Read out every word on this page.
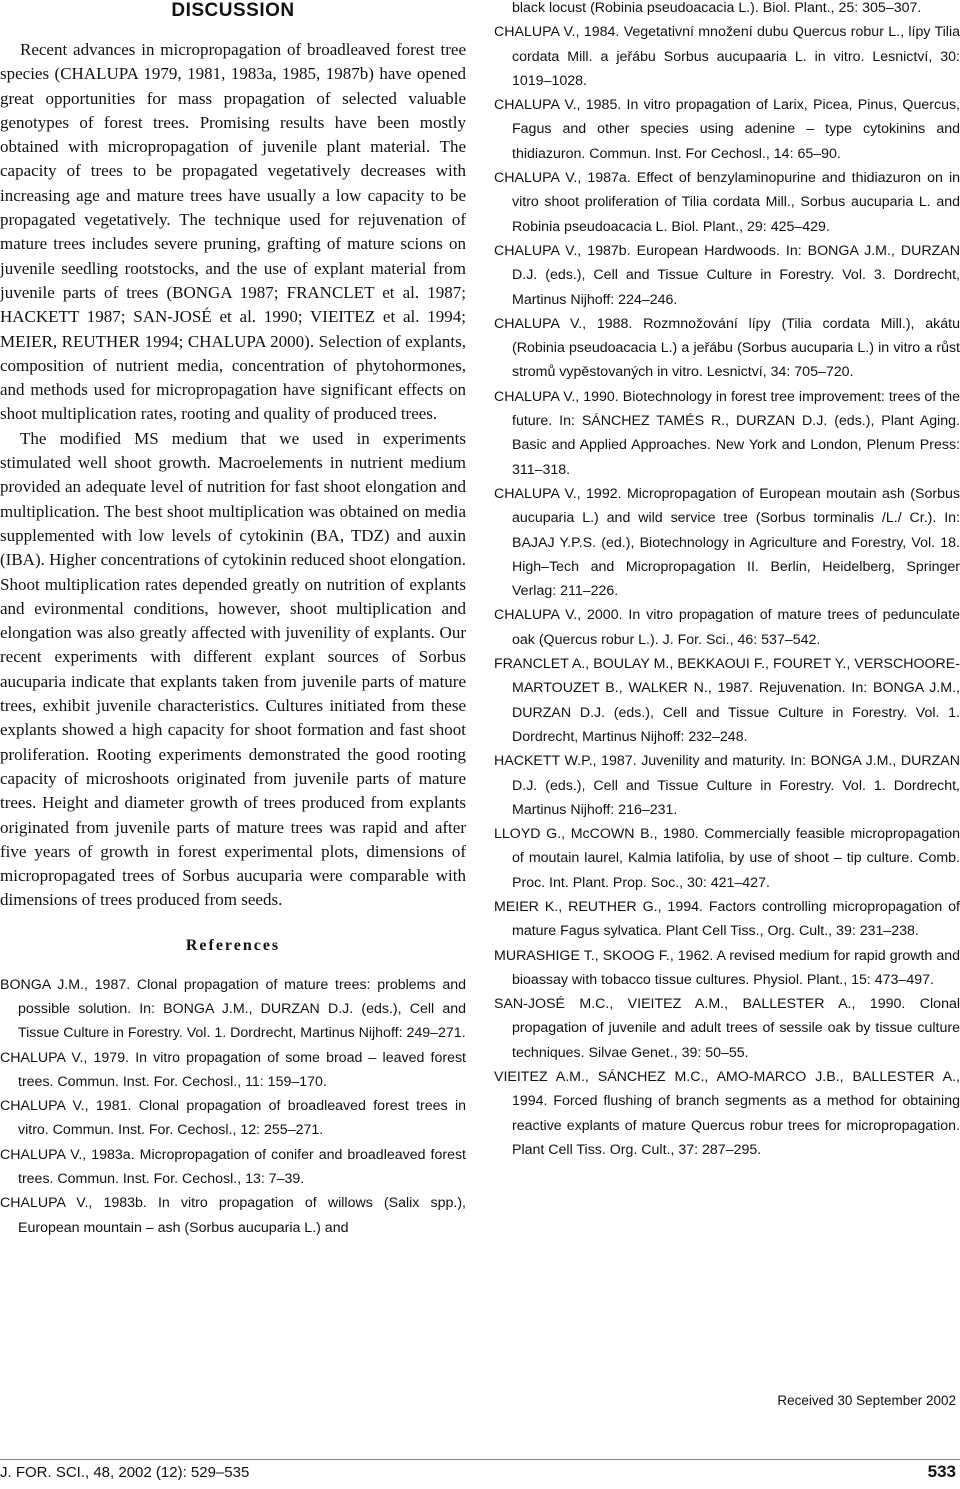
DISCUSSION

Recent advances in micropropagation of broadleaved forest tree species (CHALUPA 1979, 1981, 1983a, 1985, 1987b) have opened great opportunities for mass propagation of selected valuable genotypes of forest trees. Promising results have been mostly obtained with micropropagation of juvenile plant material. The capacity of trees to be propagated vegetatively decreases with increasing age and mature trees have usually a low capacity to be propagated vegetatively. The technique used for rejuvenation of mature trees includes severe pruning, grafting of mature scions on juvenile seedling rootstocks, and the use of explant material from juvenile parts of trees (BONGA 1987; FRANCLET et al. 1987; HACKETT 1987; SAN-JOSÉ et al. 1990; VIEITEZ et al. 1994; MEIER, REUTHER 1994; CHALUPA 2000). Selection of explants, composition of nutrient media, concentration of phytohormones, and methods used for micropropagation have significant effects on shoot multiplication rates, rooting and quality of produced trees.

The modified MS medium that we used in experiments stimulated well shoot growth. Macroelements in nutrient medium provided an adequate level of nutrition for fast shoot elongation and multiplication. The best shoot multiplication was obtained on media supplemented with low levels of cytokinin (BA, TDZ) and auxin (IBA). Higher concentrations of cytokinin reduced shoot elongation. Shoot multiplication rates depended greatly on nutrition of explants and evironmental conditions, however, shoot multiplication and elongation was also greatly affected with juvenility of explants. Our recent experiments with different explant sources of Sorbus aucuparia indicate that explants taken from juvenile parts of mature trees, exhibit juvenile characteristics. Cultures initiated from these explants showed a high capacity for shoot formation and fast shoot proliferation. Rooting experiments demonstrated the good rooting capacity of microshoots originated from juvenile parts of mature trees. Height and diameter growth of trees produced from explants originated from juvenile parts of mature trees was rapid and after five years of growth in forest experimental plots, dimensions of micropropagated trees of Sorbus aucuparia were comparable with dimensions of trees produced from seeds.

References

BONGA J.M., 1987. Clonal propagation of mature trees: problems and possible solution. In: BONGA J.M., DURZAN D.J. (eds.), Cell and Tissue Culture in Forestry. Vol. 1. Dordrecht, Martinus Nijhoff: 249–271.

CHALUPA V., 1979. In vitro propagation of some broad – leaved forest trees. Commun. Inst. For. Cechosl., 11: 159–170.

CHALUPA V., 1981. Clonal propagation of broadleaved forest trees in vitro. Commun. Inst. For. Cechosl., 12: 255–271.

CHALUPA V., 1983a. Micropropagation of conifer and broadleaved forest trees. Commun. Inst. For. Cechosl., 13: 7–39.

CHALUPA V., 1983b. In vitro propagation of willows (Salix spp.), European mountain – ash (Sorbus aucuparia L.) and

black locust (Robinia pseudoacacia L.). Biol. Plant., 25: 305–307.

CHALUPA V., 1984. Vegetativní množení dubu Quercus robur L., lípy Tilia cordata Mill. a jeřábu Sorbus aucupaaria L. in vitro. Lesnictví, 30: 1019–1028.

CHALUPA V., 1985. In vitro propagation of Larix, Picea, Pinus, Quercus, Fagus and other species using adenine – type cytokinins and thidiazuron. Commun. Inst. For Cechosl., 14: 65–90.

CHALUPA V., 1987a. Effect of benzylaminopurine and thidiazuron on in vitro shoot proliferation of Tilia cordata Mill., Sorbus aucuparia L. and Robinia pseudoacacia L. Biol. Plant., 29: 425–429.

CHALUPA V., 1987b. European Hardwoods. In: BONGA J.M., DURZAN D.J. (eds.), Cell and Tissue Culture in Forestry. Vol. 3. Dordrecht, Martinus Nijhoff: 224–246.

CHALUPA V., 1988. Rozmnožování lípy (Tilia cordata Mill.), akátu (Robinia pseudoacacia L.) a jeřábu (Sorbus aucuparia L.) in vitro a růst stromů vypěstovaných in vitro. Lesnictví, 34: 705–720.

CHALUPA V., 1990. Biotechnology in forest tree improvement: trees of the future. In: SÁNCHEZ TAMÉS R., DURZAN D.J. (eds.), Plant Aging. Basic and Applied Approaches. New York and London, Plenum Press: 311–318.

CHALUPA V., 1992. Micropropagation of European moutain ash (Sorbus aucuparia L.) and wild service tree (Sorbus torminalis /L./ Cr.). In: BAJAJ Y.P.S. (ed.), Biotechnology in Agriculture and Forestry, Vol. 18. High–Tech and Micropropagation II. Berlin, Heidelberg, Springer Verlag: 211–226.

CHALUPA V., 2000. In vitro propagation of mature trees of pedunculate oak (Quercus robur L.). J. For. Sci., 46: 537–542.

FRANCLET A., BOULAY M., BEKKAOUI F., FOURET Y., VERSCHOORE-MARTOUZET B., WALKER N., 1987. Rejuvenation. In: BONGA J.M., DURZAN D.J. (eds.), Cell and Tissue Culture in Forestry. Vol. 1. Dordrecht, Martinus Nijhoff: 232–248.

HACKETT W.P., 1987. Juvenility and maturity. In: BONGA J.M., DURZAN D.J. (eds.), Cell and Tissue Culture in Forestry. Vol. 1. Dordrecht, Martinus Nijhoff: 216–231.

LLOYD G., McCOWN B., 1980. Commercially feasible micropropagation of moutain laurel, Kalmia latifolia, by use of shoot – tip culture. Comb. Proc. Int. Plant. Prop. Soc., 30: 421–427.

MEIER K., REUTHER G., 1994. Factors controlling micropropagation of mature Fagus sylvatica. Plant Cell Tiss., Org. Cult., 39: 231–238.

MURASHIGE T., SKOOG F., 1962. A revised medium for rapid growth and bioassay with tobacco tissue cultures. Physiol. Plant., 15: 473–497.

SAN-JOSÉ M.C., VIEITEZ A.M., BALLESTER A., 1990. Clonal propagation of juvenile and adult trees of sessile oak by tissue culture techniques. Silvae Genet., 39: 50–55.

VIEITEZ A.M., SÁNCHEZ M.C., AMO-MARCO J.B., BALLESTER A., 1994. Forced flushing of branch segments as a method for obtaining reactive explants of mature Quercus robur trees for micropropagation. Plant Cell Tiss. Org. Cult., 37: 287–295.

Received 30 September 2002
J. FOR. SCI., 48, 2002 (12): 529–535	533
